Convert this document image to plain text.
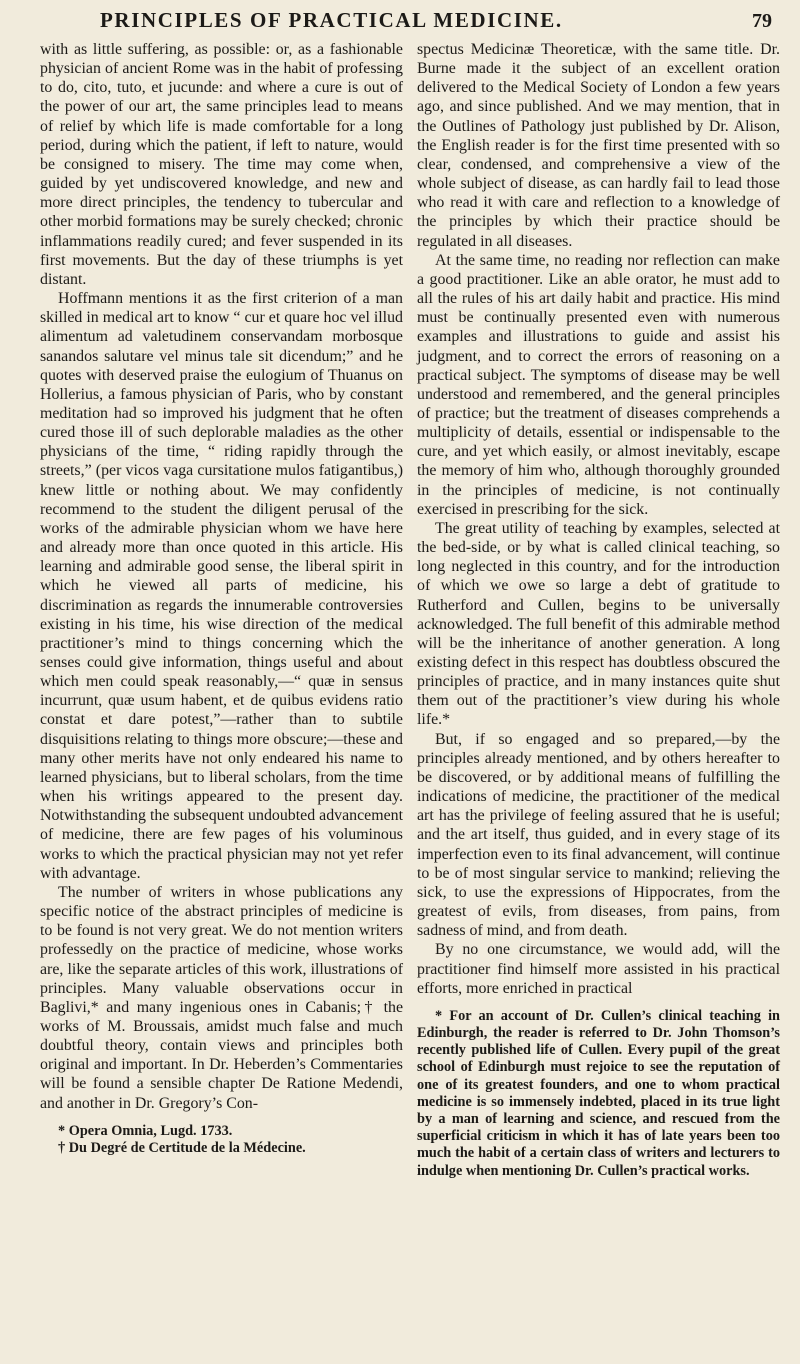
PRINCIPLES OF PRACTICAL MEDICINE.	79

with as little suffering, as possible: or, as a fashionable physician of ancient Rome was in the habit of professing to do, cito, tuto, et jucunde: and where a cure is out of the power of our art, the same principles lead to means of relief by which life is made comfortable for a long period, during which the patient, if left to nature, would be consigned to misery. The time may come when, guided by yet undiscovered knowledge, and new and more direct principles, the tendency to tubercular and other morbid formations may be surely checked; chronic inflammations readily cured; and fever suspended in its first movements. But the day of these triumphs is yet distant.

Hoffmann mentions it as the first criterion of a man skilled in medical art to know “ cur et quare hoc vel illud alimentum ad valetudinem conservandam morbosque sanandos salutare vel minus tale sit dicendum;” and he quotes with deserved praise the eulogium of Thuanus on Hollerius, a famous physician of Paris, who by constant meditation had so improved his judgment that he often cured those ill of such deplorable maladies as the other physicians of the time, “ riding rapidly through the streets,” (per vicos vaga cursitatione mulos fatigantibus,) knew little or nothing about. We may confidently recommend to the student the diligent perusal of the works of the admirable physician whom we have here and already more than once quoted in this article. His learning and admirable good sense, the liberal spirit in which he viewed all parts of medicine, his discrimination as regards the innumerable controversies existing in his time, his wise direction of the medical practitioner’s mind to things concerning which the senses could give information, things useful and about which men could speak reasonably,—“ quæ in sensus incurrunt, quæ usum habent, et de quibus evidens ratio constat et dare potest,”—rather than to subtile disquisitions relating to things more obscure;—these and many other merits have not only endeared his name to learned physicians, but to liberal scholars, from the time when his writings appeared to the present day. Notwithstanding the subsequent undoubted advancement of medicine, there are few pages of his voluminous works to which the practical physician may not yet refer with advantage.

The number of writers in whose publications any specific notice of the abstract principles of medicine is to be found is not very great. We do not mention writers professedly on the practice of medicine, whose works are, like the separate articles of this work, illustrations of principles. Many valuable observations occur in Baglivi,* and many ingenious ones in Cabanis;† the works of M. Broussais, amidst much false and much doubtful theory, contain views and principles both original and important. In Dr. Heberden’s Commentaries will be found a sensible chapter De Ratione Medendi, and another in Dr. Gregory’s Con-

* Opera Omnia, Lugd. 1733.

† Du Degré de Certitude de la Médecine.

spectus Medicinæ Theoreticæ, with the same title. Dr. Burne made it the subject of an excellent oration delivered to the Medical Society of London a few years ago, and since published. And we may mention, that in the Outlines of Pathology just published by Dr. Alison, the English reader is for the first time presented with so clear, condensed, and comprehensive a view of the whole subject of disease, as can hardly fail to lead those who read it with care and reflection to a knowledge of the principles by which their practice should be regulated in all diseases.

At the same time, no reading nor reflection can make a good practitioner. Like an able orator, he must add to all the rules of his art daily habit and practice. His mind must be continually presented even with numerous examples and illustrations to guide and assist his judgment, and to correct the errors of reasoning on a practical subject. The symptoms of disease may be well understood and remembered, and the general principles of practice; but the treatment of diseases comprehends a multiplicity of details, essential or indispensable to the cure, and yet which easily, or almost inevitably, escape the memory of him who, although thoroughly grounded in the principles of medicine, is not continually exercised in prescribing for the sick.

The great utility of teaching by examples, selected at the bed-side, or by what is called clinical teaching, so long neglected in this country, and for the introduction of which we owe so large a debt of gratitude to Rutherford and Cullen, begins to be universally acknowledged. The full benefit of this admirable method will be the inheritance of another generation. A long existing defect in this respect has doubtless obscured the principles of practice, and in many instances quite shut them out of the practitioner’s view during his whole life.*

But, if so engaged and so prepared,—by the principles already mentioned, and by others hereafter to be discovered, or by additional means of fulfilling the indications of medicine, the practitioner of the medical art has the privilege of feeling assured that he is useful; and the art itself, thus guided, and in every stage of its imperfection even to its final advancement, will continue to be of most singular service to mankind; relieving the sick, to use the expressions of Hippocrates, from the greatest of evils, from diseases, from pains, from sadness of mind, and from death.

By no one circumstance, we would add, will the practitioner find himself more assisted in his practical efforts, more enriched in practical

* For an account of Dr. Cullen’s clinical teaching in Edinburgh, the reader is referred to Dr. John Thomson’s recently published life of Cullen. Every pupil of the great school of Edinburgh must rejoice to see the reputation of one of its greatest founders, and one to whom practical medicine is so immensely indebted, placed in its true light by a man of learning and science, and rescued from the superficial criticism in which it has of late years been too much the habit of a certain class of writers and lecturers to indulge when mentioning Dr. Cullen’s practical works.
